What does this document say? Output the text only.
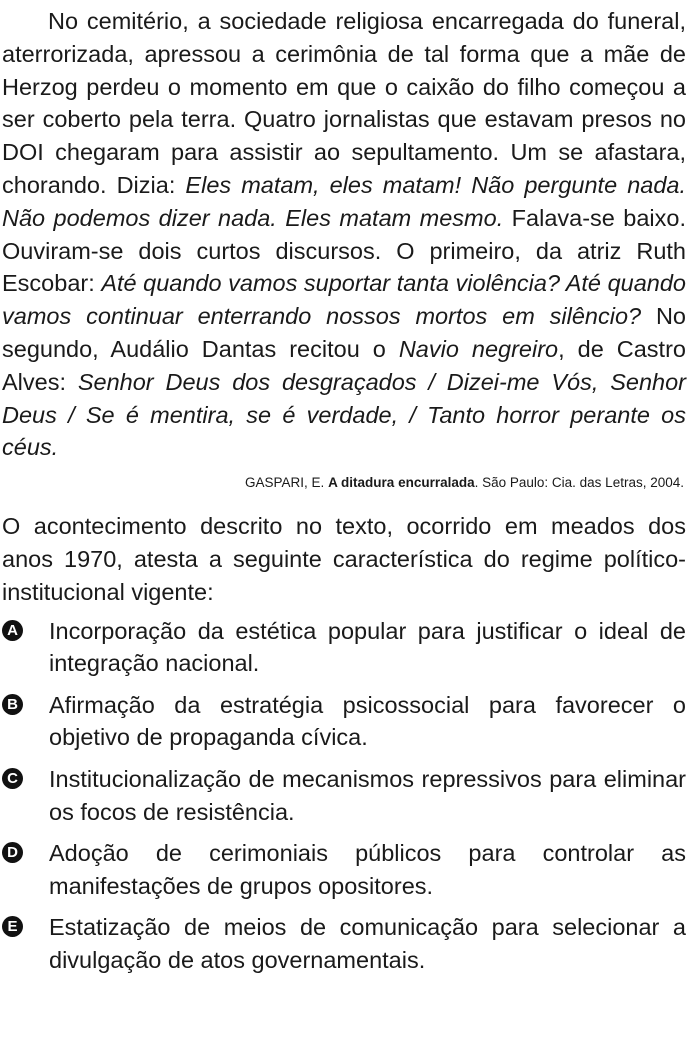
No cemitério, a sociedade religiosa encarregada do funeral, aterrorizada, apressou a cerimônia de tal forma que a mãe de Herzog perdeu o momento em que o caixão do filho começou a ser coberto pela terra. Quatro jornalistas que estavam presos no DOI chegaram para assistir ao sepultamento. Um se afastara, chorando. Dizia: Eles matam, eles matam! Não pergunte nada. Não podemos dizer nada. Eles matam mesmo. Falava-se baixo. Ouviram-se dois curtos discursos. O primeiro, da atriz Ruth Escobar: Até quando vamos suportar tanta violência? Até quando vamos continuar enterrando nossos mortos em silêncio? No segundo, Audálio Dantas recitou o Navio negreiro, de Castro Alves: Senhor Deus dos desgraçados / Dizei-me Vós, Senhor Deus / Se é mentira, se é verdade, / Tanto horror perante os céus.

GASPARI, E. A ditadura encurralada. São Paulo: Cia. das Letras, 2004.

O acontecimento descrito no texto, ocorrido em meados dos anos 1970, atesta a seguinte característica do regime político-institucional vigente:

A Incorporação da estética popular para justificar o ideal de integração nacional.
B Afirmação da estratégia psicossocial para favorecer o objetivo de propaganda cívica.
C Institucionalização de mecanismos repressivos para eliminar os focos de resistência.
D Adoção de cerimoniais públicos para controlar as manifestações de grupos opositores.
E Estatização de meios de comunicação para selecionar a divulgação de atos governamentais.
